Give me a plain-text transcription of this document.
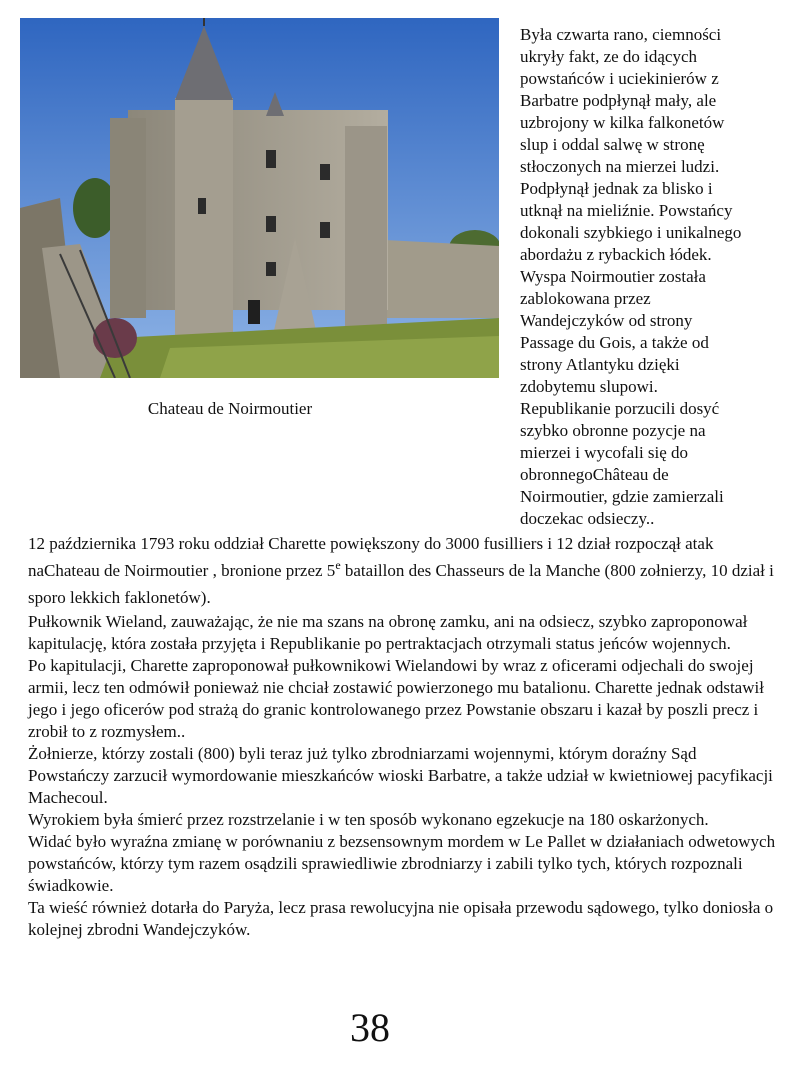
Chateau de Noirmoutier

Była czwarta rano, ciemności
ukryły fakt, ze do idących
powstańców i uciekinierów z
Barbatre podpłynął mały, ale
uzbrojony w kilka falkonetów
slup i oddal salwę w stronę
stłoczonych na mierzei ludzi.
Podpłynął jednak za blisko i
utknął na mieliźnie. Powstańcy
dokonali szybkiego i unikalnego
abordażu z rybackich łódek.
Wyspa Noirmoutier została
zablokowana przez
Wandejczyków od strony
Passage du Gois, a także od
strony Atlantyku dzięki
zdobytemu slupowi.
Republikanie porzucili dosyć
szybko obronne pozycje na
mierzei i wycofali się do
obronnegoChâteau de
Noirmoutier, gdzie zamierzali
doczekac odsieczy..

12 października 1793 roku oddział Charette powiększony do 3000 fusilliers i 12 dział rozpoczął atak naChateau de Noirmoutier , bronione przez 5e bataillon des Chasseurs de la Manche (800 zołnierzy, 10 dział i sporo lekkich faklonetów).

Pułkownik Wieland, zauważając, że nie ma szans na obronę zamku, ani na odsiecz, szybko zaproponował kapitulację, która została przyjęta i Republikanie po pertraktacjach otrzymali status jeńców wojennych.

Po kapitulacji, Charette zaproponował pułkownikowi Wielandowi by wraz z oficerami odjechali do swojej armii, lecz ten odmówił ponieważ nie chciał zostawić powierzonego mu batalionu. Charette jednak odstawił jego i jego oficerów pod strażą do granic kontrolowanego przez Powstanie obszaru i kazał by poszli precz i zrobił to z rozmysłem..

Żołnierze, którzy zostali (800) byli teraz już tylko zbrodniarzami wojennymi, którym doraźny Sąd Powstańczy zarzucił wymordowanie mieszkańców wioski Barbatre, a także udział w kwietniowej pacyfikacji Machecoul.

Wyrokiem była śmierć przez rozstrzelanie i w ten sposób wykonano egzekucje na 180 oskarżonych.

Widać było wyraźna zmianę w porównaniu z bezsensownym mordem w Le Pallet w działaniach odwetowych powstańców, którzy tym razem osądzili sprawiedliwie zbrodniarzy i zabili tylko tych, których rozpoznali świadkowie.

Ta wieść również dotarła do Paryża, lecz prasa rewolucyjna nie opisała przewodu sądowego, tylko doniosła o kolejnej zbrodni Wandejczyków.

38
